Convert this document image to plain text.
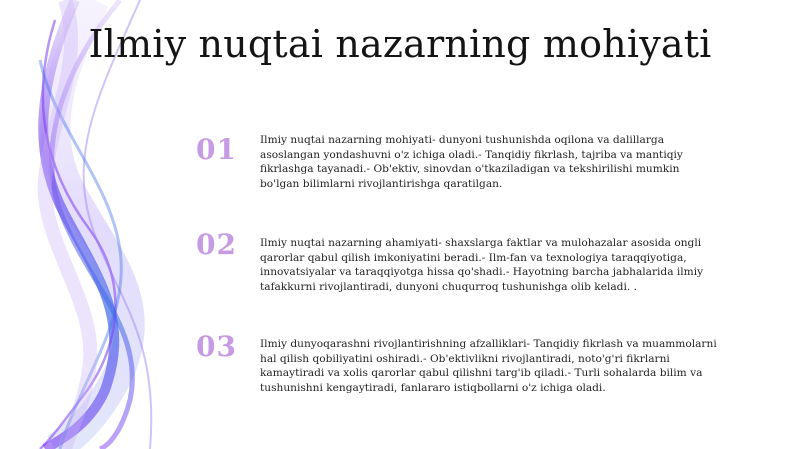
Ilmiy nuqtai nazarning mohiyati
01 Ilmiy nuqtai nazarning mohiyati- dunyoni tushunishda oqilona va dalillarga asoslangan yondashuvni o'z ichiga oladi.- Tanqidiy fikrlash, tajriba va mantiqiy fikrlashga tayanadi.- Ob'ektiv, sinovdan o'tkaziladigan va tekshirilishi mumkin bo'lgan bilimlarni rivojlantirishga qaratilgan.
02 Ilmiy nuqtai nazarning ahamiyati- shaxslarga faktlar va mulohazalar asosida ongli qarorlar qabul qilish imkoniyatini beradi.- Ilm-fan va texnologiya taraqqiyotiga, innovatsiyalar va taraqqiyotga hissa qo'shadi.- Hayotning barcha jabhalarida ilmiy tafakkurni rivojlantiradi, dunyoni chuqurroq tushunishga olib keladi. .
03 Ilmiy dunyoqarashni rivojlantirishning afzalliklari- Tanqidiy fikrlash va muammolarni hal qilish qobiliyatini oshiradi.- Ob'ektivlikni rivojlantiradi, noto'g'ri fikrlarni kamaytiradi va xolis qarorlar qabul qilishni targ'ib qiladi.- Turli sohalarda bilim va tushunishni kengaytiradi, fanlararo istiqbollarni o'z ichiga oladi.
